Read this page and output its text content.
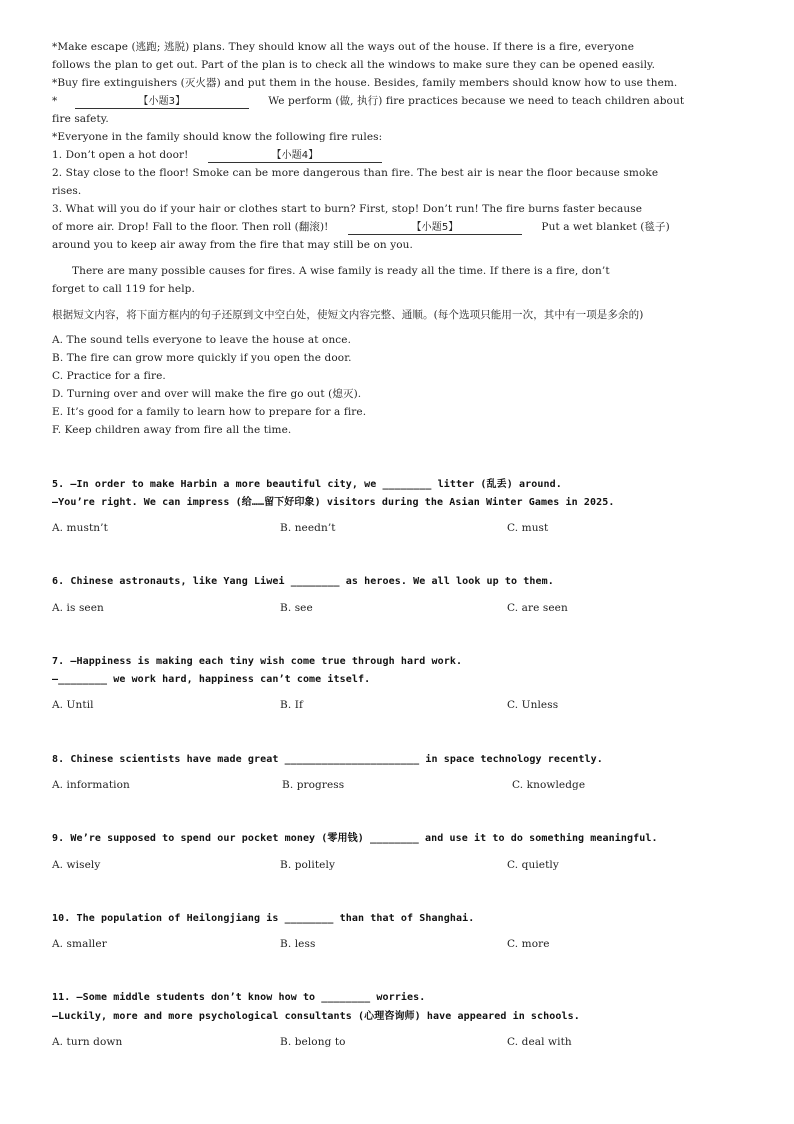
*Make escape (逃跑; 逃脱) plans. They should know all the ways out of the house. If there is a fire, everyone
follows the plan to get out. Part of the plan is to check all the windows to make sure they can be opened easily.
*Buy fire extinguishers (灭火器) and put them in the house. Besides, family members should know how to use them.
*	【小题3】	We perform (做, 执行) fire practices because we need to teach children about
fire safety.
*Everyone in the family should know the following fire rules:
1. Don’t open a hot door!	【小题4】
2. Stay close to the floor! Smoke can be more dangerous than fire. The best air is near the floor because smoke
rises.
3. What will you do if your hair or clothes start to burn? First, stop! Don’t run! The fire burns faster because
of more air. Drop! Fall to the floor. Then roll (翻滚)!	【小题5】	Put a wet blanket (毯子)
around you to keep air away from the fire that may still be on you.
There are many possible causes for fires. A wise family is ready all the time. If there is a fire, don’t
forget to call 119 for help.
根据短文内容，将下面方框内的句子还原到文中空白处，使短文内容完整、通顺。(每个选项只能用一次，其中有一项是多余的)
A. The sound tells everyone to leave the house at once.
B. The fire can grow more quickly if you open the door.
C. Practice for a fire.
D. Turning over and over will make the fire go out (熄灭).
E. It’s good for a family to learn how to prepare for a fire.
F. Keep children away from fire all the time.
5. —In order to make Harbin a more beautiful city, we ________ litter (乱丢) around.
—You’re right. We can impress (给……留下好印象) visitors during the Asian Winter Games in 2025.
A. mustn’t	B. needn’t	C. must
6. Chinese astronauts, like Yang Liwei ________ as heroes. We all look up to them.
A. is seen	B. see	C. are seen
7. —Happiness is making each tiny wish come true through hard work.
—________ we work hard, happiness can’t come itself.
A. Until	B. If	C. Unless
8. Chinese scientists have made great ______________________ in space technology recently.
A. information	B. progress	C. knowledge
9. We’re supposed to spend our pocket money (零用钱) ________ and use it to do something meaningful.
A. wisely	B. politely	C. quietly
10. The population of Heilongjiang is ________ than that of Shanghai.
A. smaller	B. less	C. more
11. —Some middle students don’t know how to ________ worries.
—Luckily, more and more psychological consultants (心理咨询师) have appeared in schools.
A. turn down	B. belong to	C. deal with
